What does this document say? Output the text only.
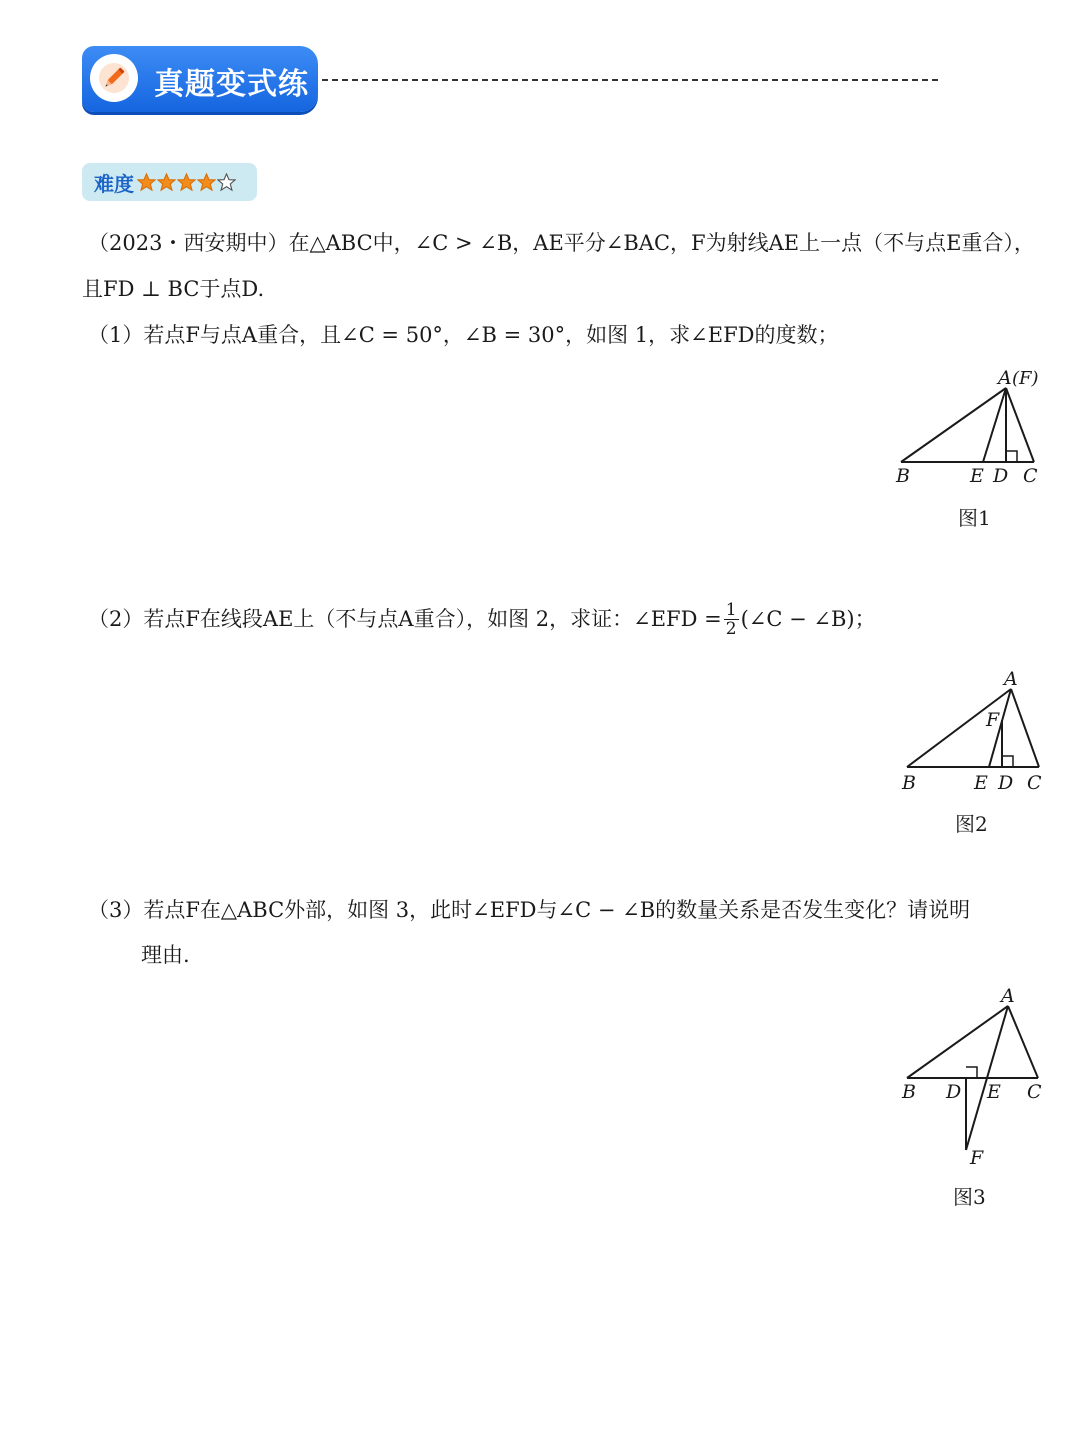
真题变式练
难度
（2023・西安期中）在△ABC中，∠C > ∠B，AE平分∠BAC，F为射线AE上一点（不与点E重合），
且FD ⊥ BC于点D.
（1）若点F与点A重合，且∠C = 50°，∠B = 30°，如图 1，求∠EFD的度数；
（2）若点F在线段AE上（不与点A重合），如图 2，求证：∠EFD = $\frac{1}{2}$ (∠C − ∠B)；
（3）若点F在△ABC外部，如图 3，此时∠EFD与∠C − ∠B的数量关系是否发生变化？请说明
理由.
A (F)
B	E D C
图1
A
F
B	E D C
图2
A
B D E C
F
图3
